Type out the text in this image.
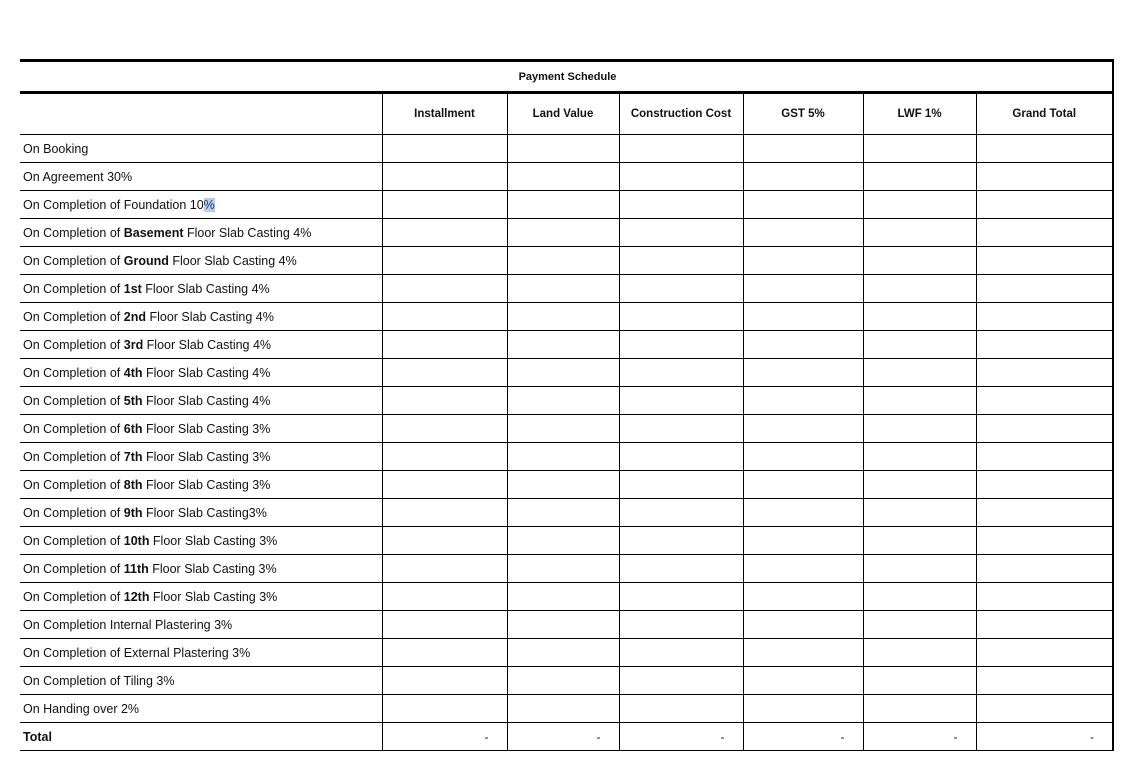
Payment Schedule						
	Installment	Land Value	Construction Cost	GST 5%	LWF 1%	Grand Total
On Booking						
On Agreement 30%						
On Completion of Foundation 10%						
On Completion of Basement Floor Slab Casting 4%						
On Completion of Ground Floor Slab Casting 4%						
On Completion of 1st Floor Slab Casting 4%						
On Completion of 2nd Floor Slab Casting 4%						
On Completion of 3rd Floor Slab Casting 4%						
On Completion of 4th Floor Slab Casting 4%						
On Completion of 5th Floor Slab Casting 4%						
On Completion of 6th Floor Slab Casting 3%						
On Completion of 7th Floor Slab Casting 3%						
On Completion of 8th Floor Slab Casting 3%						
On Completion of 9th Floor Slab Casting3%						
On Completion of 10th Floor Slab Casting 3%						
On Completion of 11th Floor Slab Casting 3%						
On Completion of 12th Floor Slab Casting 3%						
On Completion Internal Plastering 3%						
On Completion of External Plastering 3%						
On Completion of Tiling 3%						
On Handing over 2%						
Total	-	-	-	-	-	-
